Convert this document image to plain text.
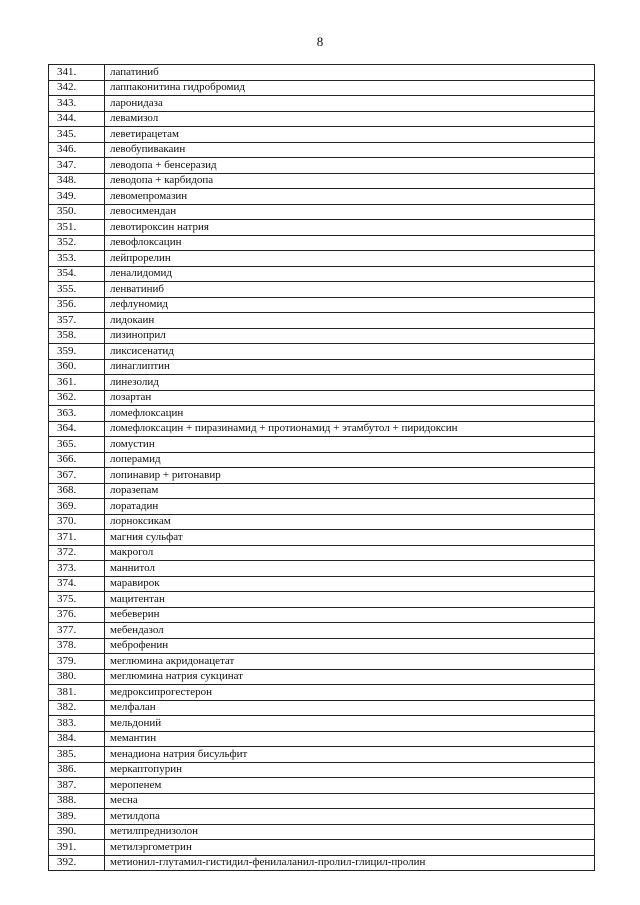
8
341.	лапатиниб
342.	лаппаконитина гидробромид
343.	ларонидаза
344.	левамизол
345.	леветирацетам
346.	левобупивакаин
347.	леводопа + бенсеразид
348.	леводопа + карбидопа
349.	левомепромазин
350.	левосимендан
351.	левотироксин натрия
352.	левофлоксацин
353.	лейпрорелин
354.	леналидомид
355.	ленватиниб
356.	лефлуномид
357.	лидокаин
358.	лизиноприл
359.	ликсисенатид
360.	линаглиптин
361.	линезолид
362.	лозартан
363.	ломефлоксацин
364.	ломефлоксацин + пиразинамид + протионамид + этамбутол + пиридоксин
365.	ломустин
366.	лоперамид
367.	лопинавир + ритонавир
368.	лоразепам
369.	лоратадин
370.	лорноксикам
371.	магния сульфат
372.	макрогол
373.	маннитол
374.	маравирок
375.	мацитентан
376.	мебеверин
377.	мебендазол
378.	меброфенин
379.	меглюмина акридонацетат
380.	меглюмина натрия сукцинат
381.	медроксипрогестерон
382.	мелфалан
383.	мельдоний
384.	мемантин
385.	менадиона натрия бисульфит
386.	меркаптопурин
387.	меропенем
388.	месна
389.	метилдопа
390.	метилпреднизолон
391.	метилэргометрин
392.	метионил-глутамил-гистидил-фенилаланил-пролил-глицил-пролин
